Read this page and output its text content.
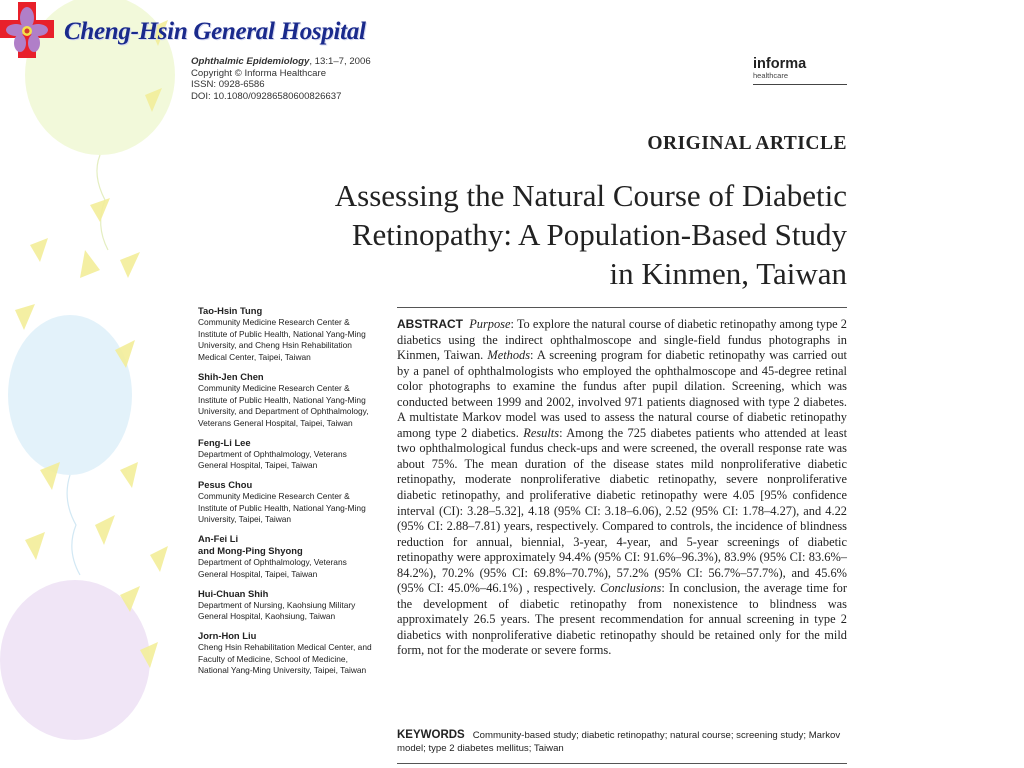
Cheng-Hsin General Hospital
Ophthalmic Epidemiology, 13:1–7, 2006
Copyright © Informa Healthcare
ISSN: 0928-6586
DOI: 10.1080/09286580600826637
informa
healthcare
ORIGINAL ARTICLE
Assessing the Natural Course of Diabetic
Retinopathy: A Population-Based Study
in Kinmen, Taiwan
Tao-Hsin Tung
Community Medicine Research Center & Institute of Public Health, National Yang-Ming University, and Cheng Hsin Rehabilitation Medical Center, Taipei, Taiwan
Shih-Jen Chen
Community Medicine Research Center & Institute of Public Health, National Yang-Ming University, and Department of Ophthalmology, Veterans General Hospital, Taipei, Taiwan
Feng-Li Lee
Department of Ophthalmology, Veterans General Hospital, Taipei, Taiwan
Pesus Chou
Community Medicine Research Center & Institute of Public Health, National Yang-Ming University, Taipei, Taiwan
An-Fei Li
and Mong-Ping Shyong
Department of Ophthalmology, Veterans General Hospital, Taipei, Taiwan
Hui-Chuan Shih
Department of Nursing, Kaohsiung Military General Hospital, Kaohsiung, Taiwan
Jorn-Hon Liu
Cheng Hsin Rehabilitation Medical Center, and Faculty of Medicine, School of Medicine, National Yang-Ming University, Taipei, Taiwan
ABSTRACT Purpose: To explore the natural course of diabetic retinopathy among type 2 diabetics using the indirect ophthalmoscope and single-field fundus photographs in Kinmen, Taiwan. Methods: A screening program for diabetic retinopathy was carried out by a panel of ophthalmologists who employed the ophthalmoscope and 45-degree retinal color photographs to examine the fundus after pupil dilation. Screening, which was conducted between 1999 and 2002, involved 971 patients diagnosed with type 2 diabetes. A multistate Markov model was used to assess the natural course of diabetic retinopathy among type 2 diabetics. Results: Among the 725 diabetes patients who attended at least two ophthalmological fundus check-ups and were screened, the overall response rate was about 75%. The mean duration of the disease states mild nonproliferative diabetic retinopathy, moderate nonproliferative diabetic retinopathy, severe nonproliferative diabetic retinopathy, and proliferative diabetic retinopathy were 4.05 [95% confidence interval (CI): 3.28–5.32], 4.18 (95% CI: 3.18–6.06), 2.52 (95% CI: 1.78–4.27), and 4.22 (95% CI: 2.88–7.81) years, respectively. Compared to controls, the incidence of blindness reduction for annual, biennial, 3-year, 4-year, and 5-year screenings of diabetic retinopathy were approximately 94.4% (95% CI: 91.6%–96.3%), 83.9% (95% CI: 83.6%–84.2%), 70.2% (95% CI: 69.8%–70.7%), 57.2% (95% CI: 56.7%–57.7%), and 45.6% (95% CI: 45.0%–46.1%) , respectively. Conclusions: In conclusion, the average time for the development of diabetic retinopathy from nonexistence to blindness was approximately 26.5 years. The present recommendation for annual screening in type 2 diabetics with nonproliferative diabetic retinopathy should be retained only for the mild form, not for the moderate or severe forms.
KEYWORDS Community-based study; diabetic retinopathy; natural course; screening study; Markov model; type 2 diabetes mellitus; Taiwan
